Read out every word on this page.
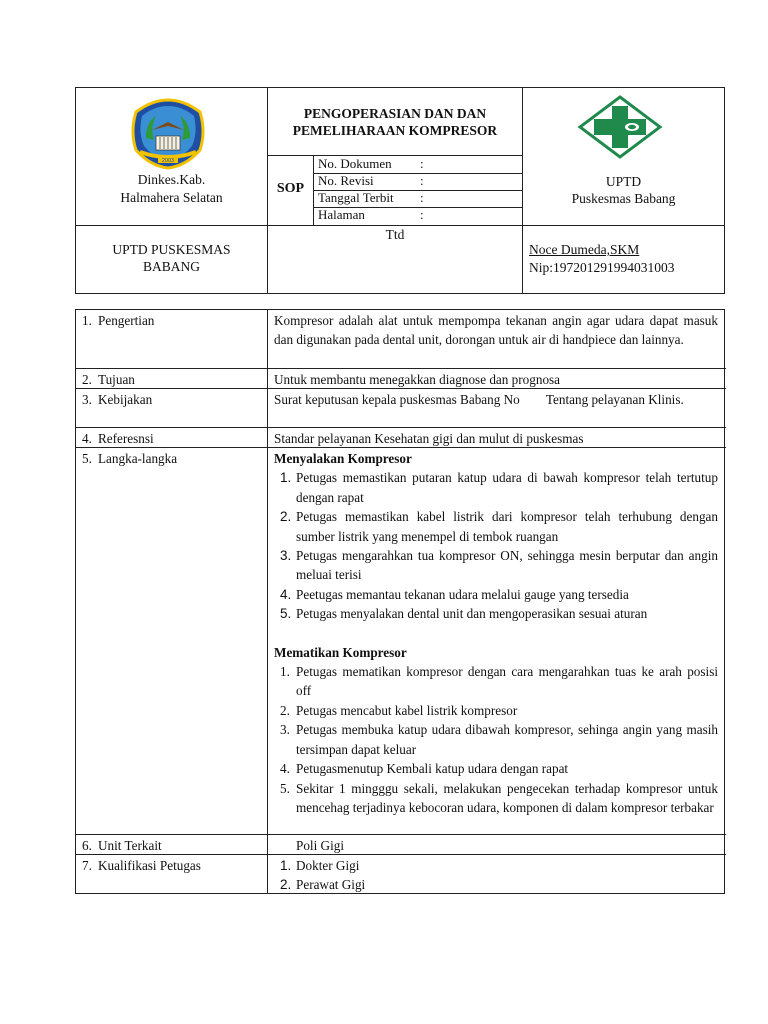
2003
Dinkes.Kab.
Halmahera Selatan
PENGOPERASIAN DAN DAN
PEMELIHARAAN KOMPRESOR
SOP
No. Dokumen :
No. Revisi	:
Tanggal Terbit :
Halaman	:
UPTD
Puskesmas Babang
UPTD PUSKESMAS
BABANG
Ttd
Noce Dumeda,SKM
Nip:197201291994031003
1. Pengertian	Kompresor adalah alat untuk mempompa tekanan angin agar udara dapat masuk dan digunakan pada dental unit, dorongan untuk air di handpiece dan lainnya.
2. Tujuan	Untuk membantu menegakkan diagnose dan prognosa
3. Kebijakan	Surat keputusan kepala puskesmas Babang No        Tentang pelayanan Klinis.
4. Referesnsi	Standar pelayanan Kesehatan gigi dan mulut di puskesmas
5. Langka-langka	Menyalakan Kompresor
1. Petugas memastikan putaran katup udara di bawah kompresor telah tertutup dengan rapat
2. Petugas memastikan kabel listrik dari kompresor telah terhubung dengan sumber listrik yang menempel di tembok ruangan
3. Petugas mengarahkan tua kompresor ON, sehingga mesin berputar dan angin meluai terisi
4. Peetugas memantau tekanan udara melalui gauge yang tersedia
5. Petugas menyalakan dental unit dan mengoperasikan sesuai aturan
Mematikan Kompresor
1. Petugas mematikan kompresor dengan cara mengarahkan tuas ke arah posisi off
2. Petugas mencabut kabel listrik kompresor
3. Petugas membuka katup udara dibawah kompresor, sehinga angin yang masih tersimpan dapat keluar
4. Petugasmenutup Kembali katup udara dengan rapat
5. Sekitar 1 mingggu sekali, melakukan pengecekan terhadap kompresor untuk mencehag terjadinya kebocoran udara, komponen di dalam kompresor terbakar
6. Unit Terkait	Poli Gigi
7. Kualifikasi Petugas	1. Dokter Gigi
2. Perawat Gigi
